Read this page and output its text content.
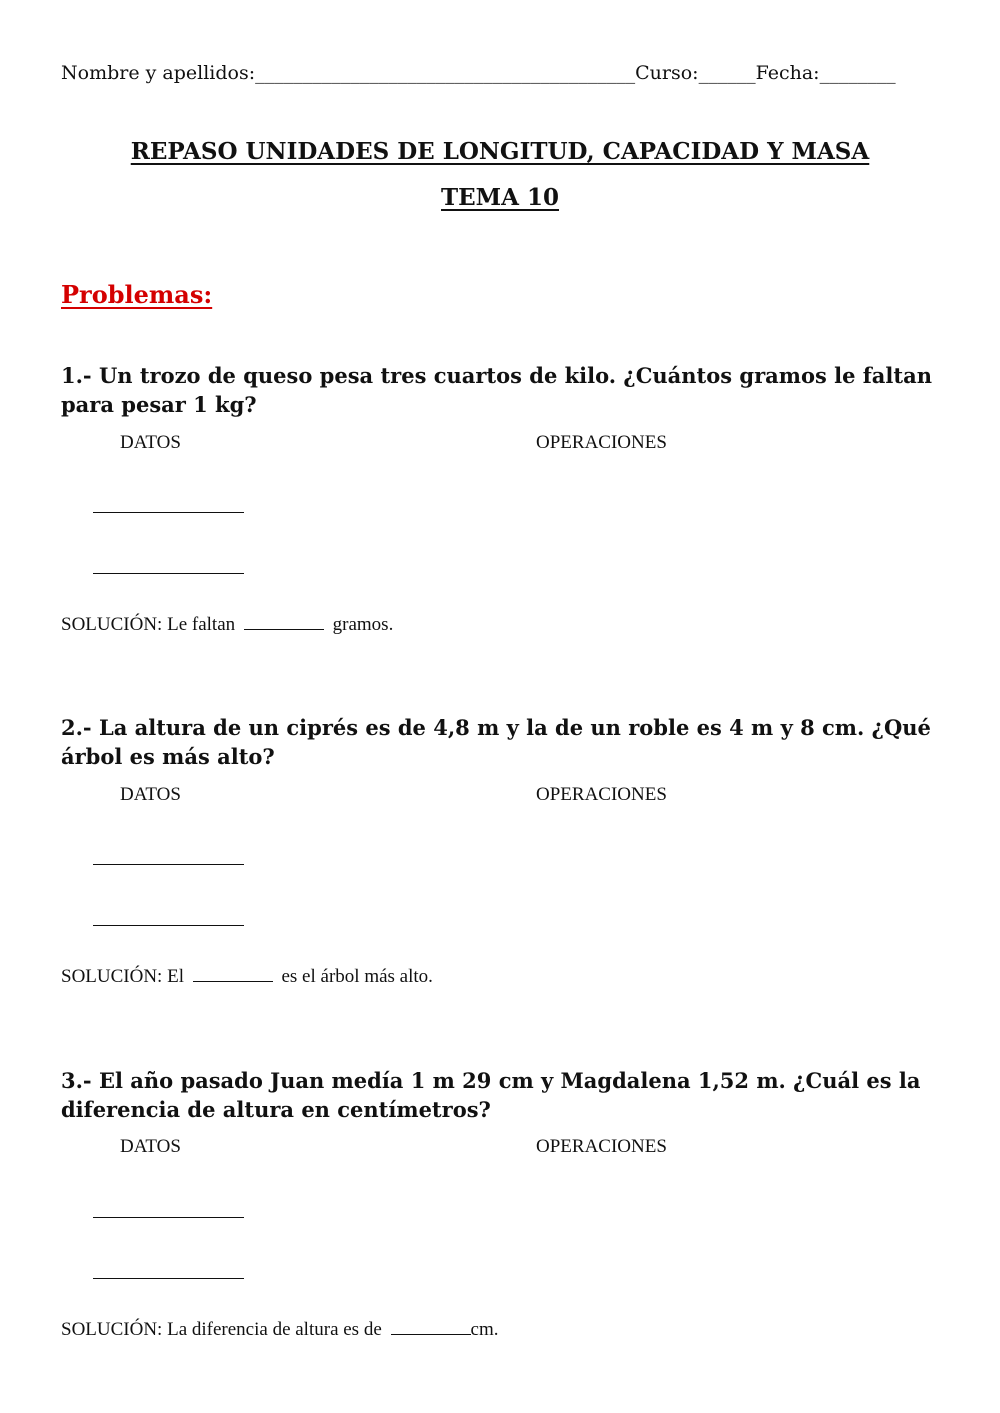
Nombre y apellidos:________________________________________Curso:______Fecha:________
REPASO UNIDADES DE LONGITUD, CAPACIDAD Y MASA
TEMA 10
Problemas:
1.- Un trozo de queso pesa tres cuartos de kilo. ¿Cuántos gramos le faltan para pesar 1 kg?
DATOS	OPERACIONES
SOLUCIÓN: Le faltan	gramos.
2.- La altura de un ciprés es de 4,8 m y la de un roble es 4 m y 8 cm. ¿Qué árbol es más alto?
DATOS	OPERACIONES
SOLUCIÓN: El	es el árbol más alto.
3.- El año pasado Juan medía 1 m 29 cm y Magdalena 1,52 m. ¿Cuál es la diferencia de altura en centímetros?
DATOS	OPERACIONES
SOLUCIÓN: La diferencia de altura es de	cm.
